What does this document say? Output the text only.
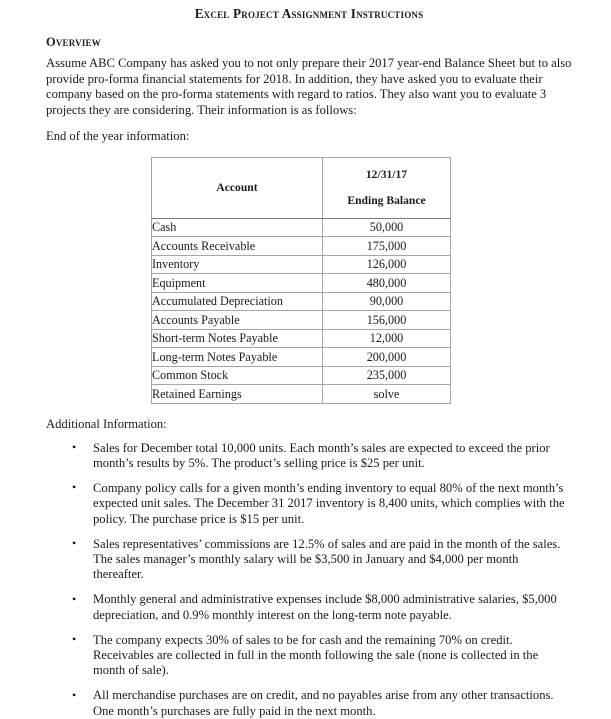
Excel Project Assignment Instructions
Overview

Assume ABC Company has asked you to not only prepare their 2017 year-end Balance Sheet but to also provide pro-forma financial statements for 2018. In addition, they have asked you to evaluate their company based on the pro-forma statements with regard to ratios. They also want you to evaluate 3 projects they are considering. Their information is as follows:

End of the year information:

Account	12/31/17
Ending Balance

Cash	50,000
Accounts Receivable	175,000
Inventory	126,000
Equipment	480,000
Accumulated Depreciation	90,000
Accounts Payable	156,000
Short-term Notes Payable	12,000
Long-term Notes Payable	200,000
Common Stock	235,000
Retained Earnings	solve

Additional Information:

• Sales for December total 10,000 units. Each month’s sales are expected to exceed the prior month’s results by 5%. The product’s selling price is $25 per unit.
• Company policy calls for a given month’s ending inventory to equal 80% of the next month’s expected unit sales. The December 31 2017 inventory is 8,400 units, which complies with the policy. The purchase price is $15 per unit.
• Sales representatives’ commissions are 12.5% of sales and are paid in the month of the sales. The sales manager’s monthly salary will be $3,500 in January and $4,000 per month thereafter.
• Monthly general and administrative expenses include $8,000 administrative salaries, $5,000 depreciation, and 0.9% monthly interest on the long-term note payable.
• The company expects 30% of sales to be for cash and the remaining 70% on credit. Receivables are collected in full in the month following the sale (none is collected in the month of sale).
• All merchandise purchases are on credit, and no payables arise from any other transactions. One month’s purchases are fully paid in the next month.
